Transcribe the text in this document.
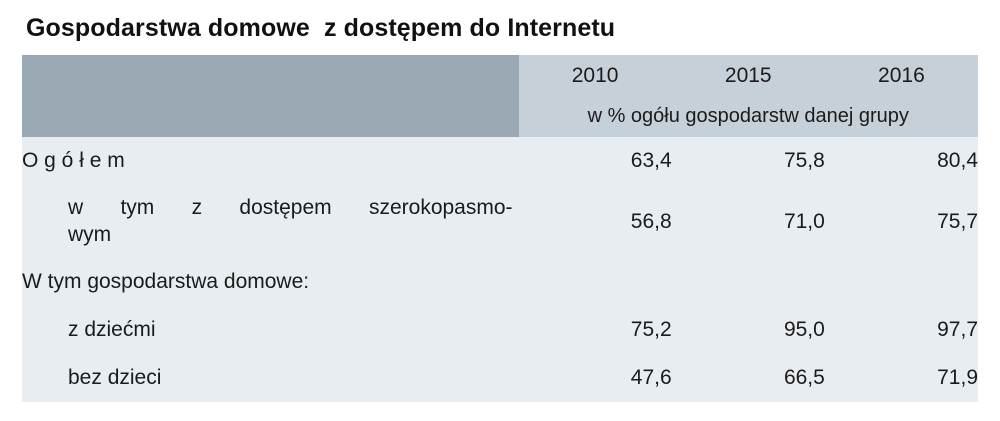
Gospodarstwa domowe  z dostępem do Internetu
	2010	2015	2016
	w % ogółu gospodarstw danej grupy		
O g ó ł e m	63,4	75,8	80,4

w tym z dostępem szerokopasmo-
wym	56,8	71,0	75,7
W tym gospodarstwa domowe:			
z dziećmi	75,2	95,0	97,7
bez dzieci	47,6	66,5	71,9
